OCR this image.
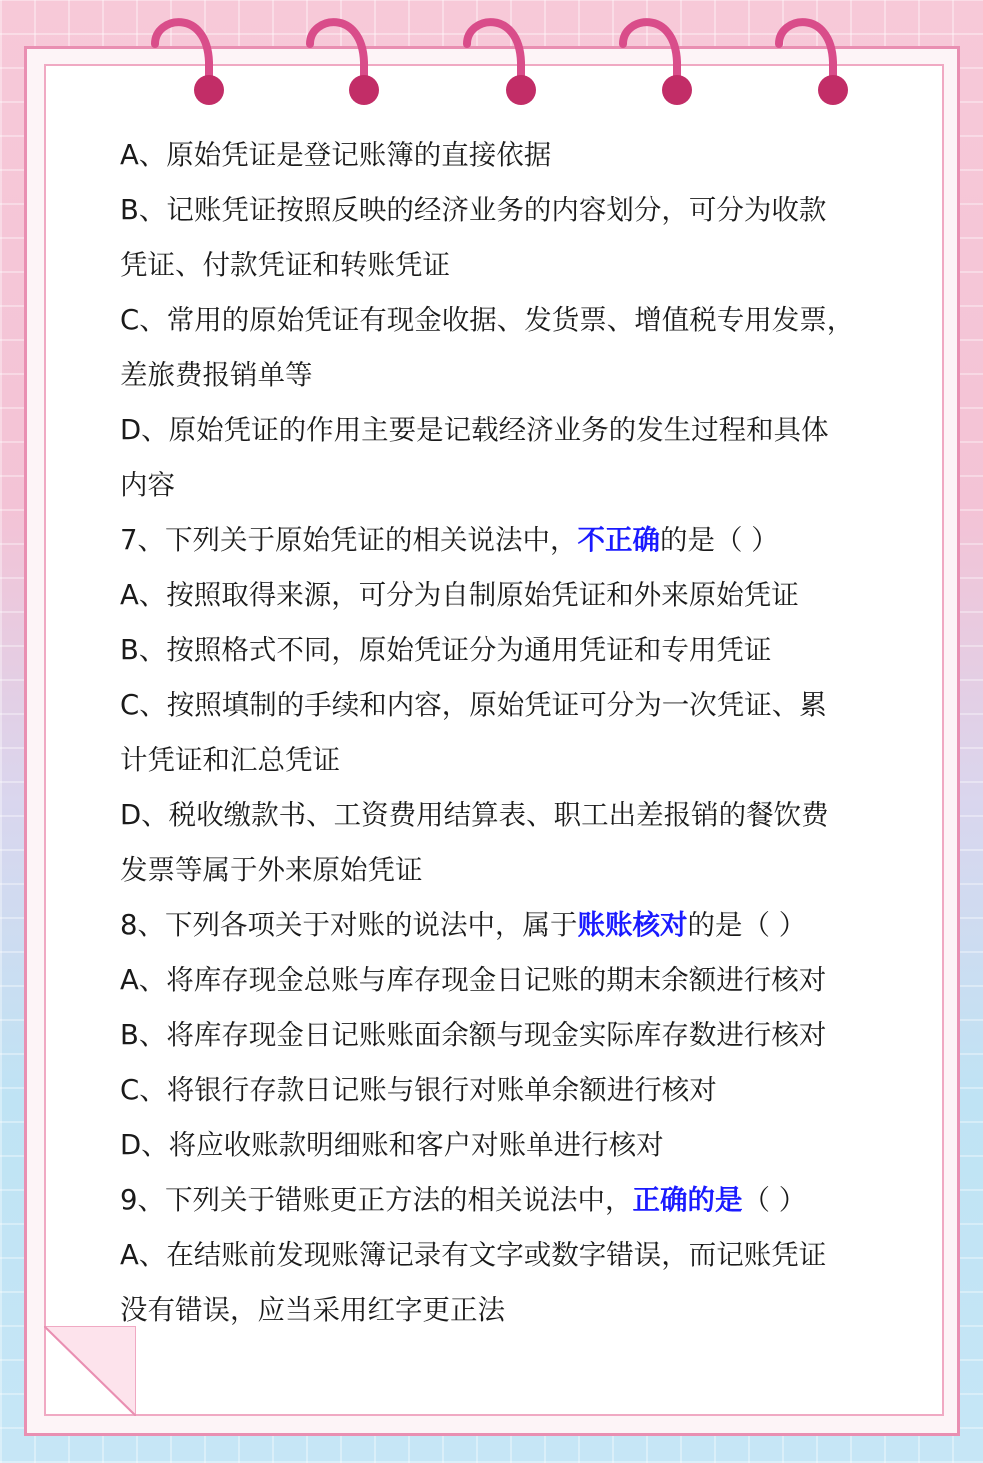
A、原始凭证是登记账簿的直接依据
B、记账凭证按照反映的经济业务的内容划分，可分为收款
凭证、付款凭证和转账凭证
C、常用的原始凭证有现金收据、发货票、增值税专用发票，
差旅费报销单等
D、原始凭证的作用主要是记载经济业务的发生过程和具体
内容
7、下列关于原始凭证的相关说法中，不正确的是（ ）
A、按照取得来源，可分为自制原始凭证和外来原始凭证
B、按照格式不同，原始凭证分为通用凭证和专用凭证
C、按照填制的手续和内容，原始凭证可分为一次凭证、累
计凭证和汇总凭证
D、税收缴款书、工资费用结算表、职工出差报销的餐饮费
发票等属于外来原始凭证
8、下列各项关于对账的说法中，属于账账核对的是（ ）
A、将库存现金总账与库存现金日记账的期末余额进行核对
B、将库存现金日记账账面余额与现金实际库存数进行核对
C、将银行存款日记账与银行对账单余额进行核对
D、将应收账款明细账和客户对账单进行核对
9、下列关于错账更正方法的相关说法中，正确的是（ ）
A、在结账前发现账簿记录有文字或数字错误，而记账凭证
没有错误，应当采用红字更正法
